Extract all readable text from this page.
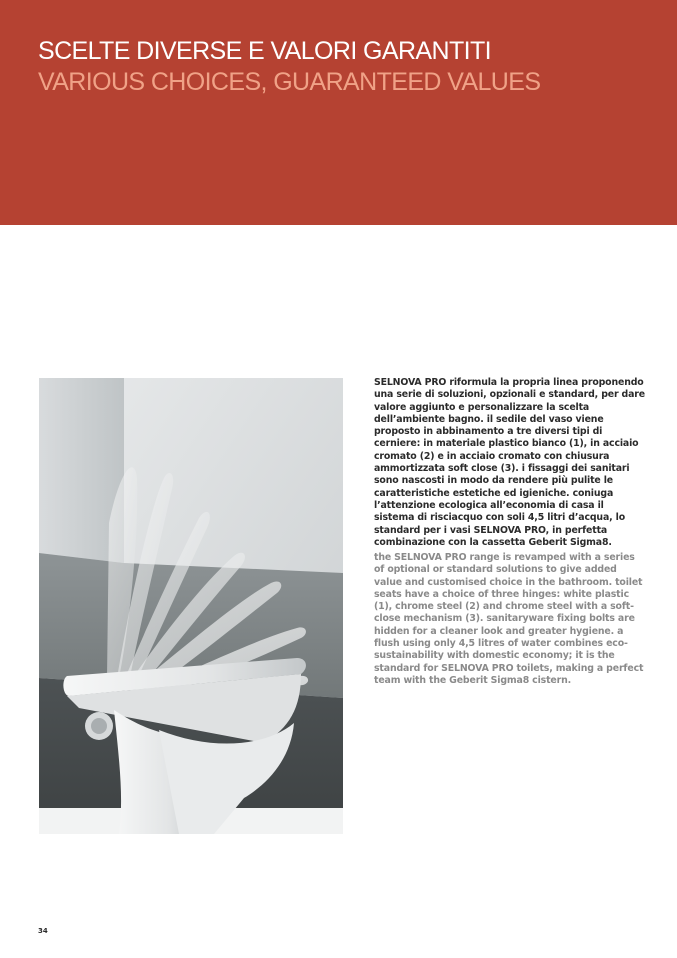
SCELTE DIVERSE E VALORI GARANTITI
VARIOUS CHOICES, GUARANTEED VALUES

SELNOVA PRO riformula la propria linea proponendo una serie di soluzioni, opzionali e standard, per dare valore aggiunto e personalizzare la scelta dell’ambiente bagno. il sedile del vaso viene proposto in abbinamento a tre diversi tipi di cerniere: in materiale plastico bianco (1), in acciaio cromato (2) e in acciaio cromato con chiusura ammortizzata soft close (3). i fissaggi dei sanitari sono nascosti in modo da rendere più pulite le caratteristiche estetiche ed igieniche. coniuga l’attenzione ecologica all’economia di casa il sistema di risciacquo con soli 4,5 litri d’acqua, lo standard per i vasi SELNOVA PRO, in perfetta combinazione con la cassetta Geberit Sigma8.

the SELNOVA PRO range is revamped with a series of optional or standard solutions to give added value and customised choice in the bathroom. toilet seats have a choice of three hinges: white plastic (1), chrome steel (2) and chrome steel with a soft-close mechanism (3). sanitaryware fixing bolts are hidden for a cleaner look and greater hygiene. a flush using only 4,5 litres of water combines eco-sustainability with domestic economy; it is the standard for SELNOVA PRO toilets, making a perfect team with the Geberit Sigma8 cistern.

34
